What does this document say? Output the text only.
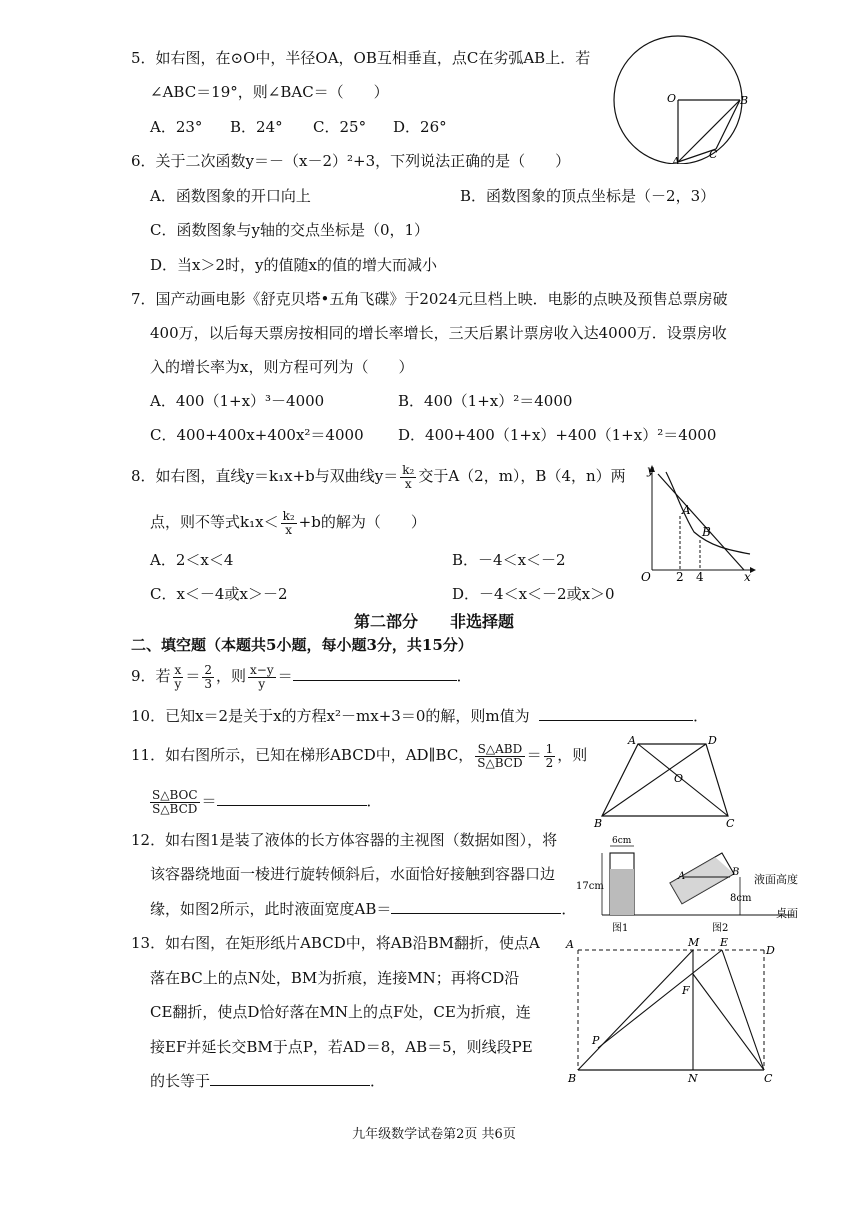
5．如右图，在⊙O中，半径OA，OB互相垂直，点C在劣弧AB上．若
∠ABC＝19°，则∠BAC＝（　　）
A．23° B．24° C．25° D．26°
O	B
A
C
6．关于二次函数y＝－（x－2）²+3，下列说法正确的是（　　）
A．函数图象的开口向上	B．函数图象的顶点坐标是（－2，3）
C．函数图象与y轴的交点坐标是（0，1）
D．当x＞2时，y的值随x的值的增大而减小
7．国产动画电影《舒克贝塔•五角飞碟》于2024元旦档上映．电影的点映及预售总票房破
400万，以后每天票房按相同的增长率增长，三天后累计票房收入达4000万．设票房收
入的增长率为x，则方程可列为（　　）
A．400（1+x）³－4000	B．400（1+x）²＝4000
C．400+400x+400x²＝4000 D．400+400（1+x）+400（1+x）²＝4000
8．如右图，直线y＝k₁x+b与双曲线$y= \frac{\text{k₂}}{x}$ 交于A（2，m），B（4，n）两
点，则不等式$k_1x< \frac{\text{k₂}}{x} +b$的解为（　　）
A．2＜x＜4	B．－4＜x＜－2
C．x＜－4或x＞－2	D．－4＜x＜－2或x＞0
y
x
O
A
B
2 4
第二部分　　非选择题
二、填空题（本题共5小题，每小题3分，共15分）
9．若 $\frac{x}{y} = \frac{2}{3}$ ，则 $\frac{x-y}{y}$ ＝	．
10．已知x＝2是关于x的方程x²－mx+3＝0的解，则m值为	．
11．如右图所示，已知在梯形ABCD中，AD∥BC， $\frac{\text{S△ABD}}{\text{S△BCD}} = \frac{1}{2}$ ，则
$\frac{\text{S△BOC}}{\text{S△BCD}}$ ＝	．
A	D
B	C
O
12．如右图1是装了液体的长方体容器的主视图（数据如图），将
该容器绕地面一棱进行旋转倾斜后，水面恰好接触到容器口边
缘，如图2所示，此时液面宽度AB＝	．
6cm
17cm
A	B
液面高度
8cm
桌面
图1	图2
13．如右图，在矩形纸片ABCD中，将AB沿BM翻折，使点A
落在BC上的点N处，BM为折痕，连接MN；再将CD沿
CE翻折，使点D恰好落在MN上的点F处，CE为折痕，连
接EF并延长交BM于点P，若AD＝8，AB＝5，则线段PE
的长等于	．
A	M E
D
F
P
B	N	C
九年级数学试卷第2页 共6页
